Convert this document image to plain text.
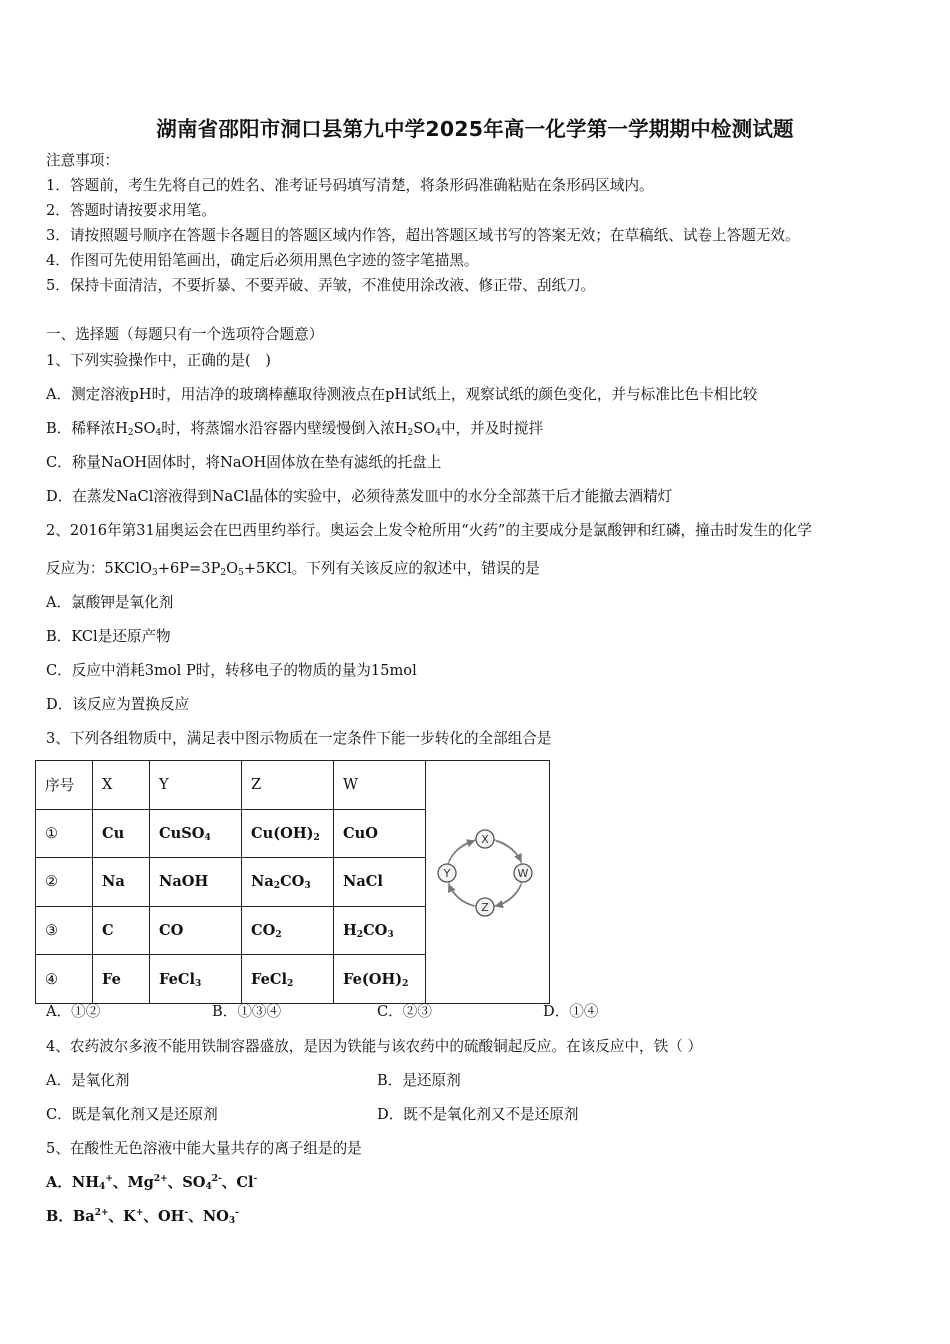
湖南省邵阳市洞口县第九中学2025年高一化学第一学期期中检测试题
注意事项：
1．答题前，考生先将自己的姓名、准考证号码填写清楚，将条形码准确粘贴在条形码区域内。
2．答题时请按要求用笔。
3．请按照题号顺序在答题卡各题目的答题区域内作答，超出答题区域书写的答案无效；在草稿纸、试卷上答题无效。
4．作图可先使用铅笔画出，确定后必须用黑色字迹的签字笔描黑。
5．保持卡面清洁，不要折暴、不要弄破、弄皱，不准使用涂改液、修正带、刮纸刀。
一、选择题（每题只有一个选项符合题意）
1、下列实验操作中，正确的是(　)
A．测定溶液pH时，用洁净的玻璃棒蘸取待测液点在pH试纸上，观察试纸的颜色变化，并与标准比色卡相比较
B．稀释浓$H_2SO_4$时，将蒸馏水沿容器内壁缓慢倒入浓$H_2SO_4$中，并及时搅拌
C．称量NaOH固体时，将NaOH固体放在垫有滤纸的托盘上
D．在蒸发NaCl溶液得到NaCl晶体的实验中，必须待蒸发皿中的水分全部蒸干后才能撤去酒精灯
2、2016年第31届奥运会在巴西里约举行。奥运会上发令枪所用“火药”的主要成分是氯酸钾和红磷，撞击时发生的化学
反应为：$5KClO_3+6P=3P_2O_5+5KCl$。下列有关该反应的叙述中，错误的是
A．氯酸钾是氧化剂
B．KCl是还原产物
C．反应中消耗3mol P时，转移电子的物质的量为15mol
D．该反应为置换反应
3、下列各组物质中，满足表中图示物质在一定条件下能一步转化的全部组合是
序号	X	Y	Z	W	X
Y W
Z

①	Cu	CuSO$_4$	$Cu(OH)_2$	CuO	
②	Na	NaOH	$Na_2CO_3$	NaCl	
③	C	CO	$CO_2$	$H_2CO_3$
④	Fe	FeCl$_3$	FeCl$_2$	$Fe(OH)_2$
A．①②	B．①③④	C．②③	D．①④
4、农药波尔多液不能用铁制容器盛放，是因为铁能与该农药中的硫酸铜起反应。在该反应中，铁（ ）
A．是氧化剂	B．是还原剂
C．既是氧化剂又是还原剂	D．既不是氧化剂又不是还原剂
5、在酸性无色溶液中能大量共存的离子组是的是
A．$NH_4^+$、$Mg^{2+}$、$SO_4^{2-}$、Cl-
B．$Ba^{2+}$、K+、OH-、$NO_3^-$
